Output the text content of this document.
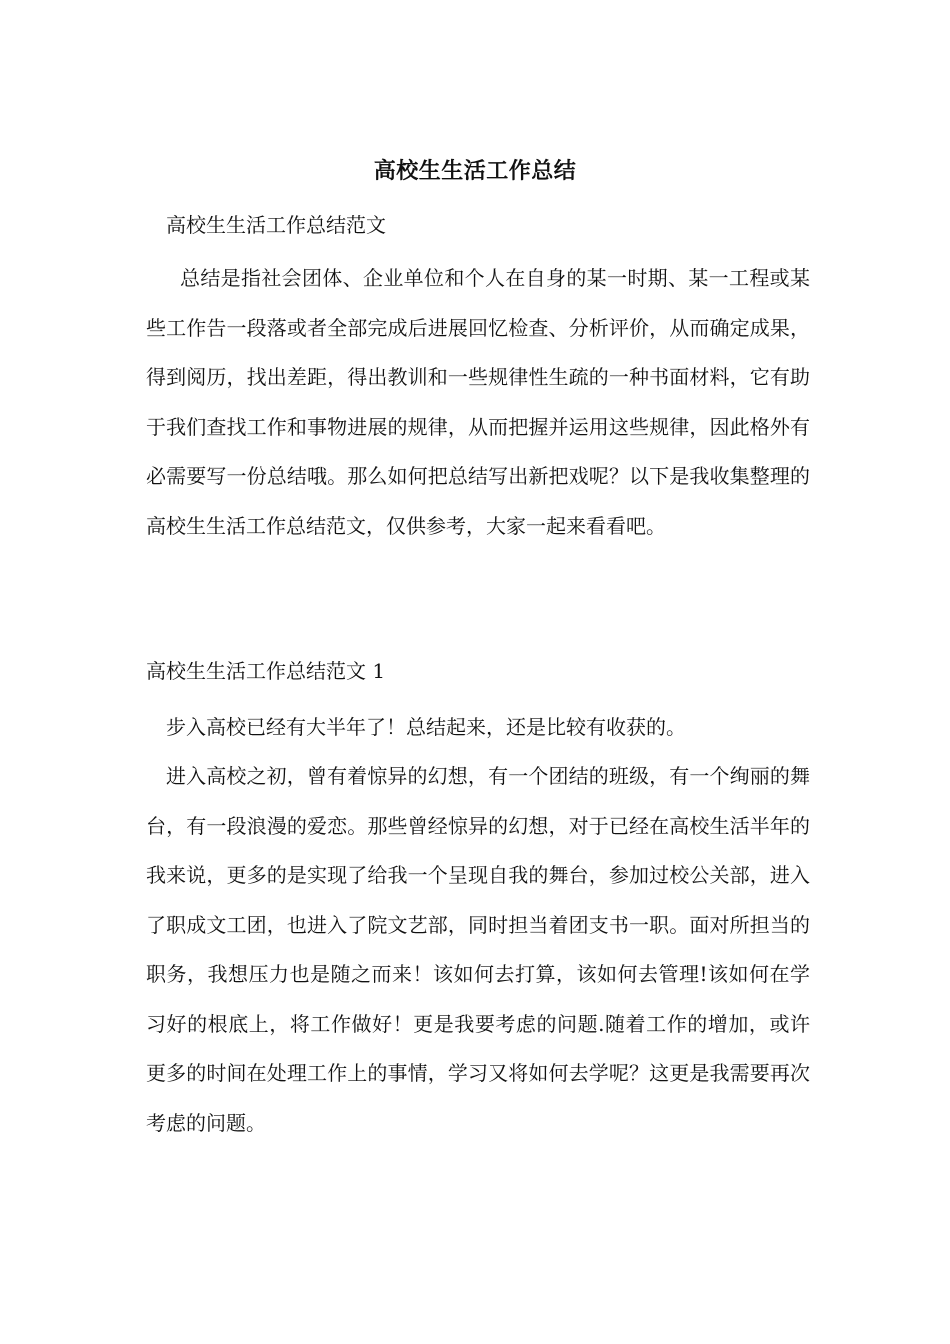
高校生生活工作总结
高校生生活工作总结范文

总结是指社会团体、企业单位和个人在自身的某一时期、某一工程或某些工作告一段落或者全部完成后进展回忆检查、分析评价，从而确定成果，得到阅历，找出差距，得出教训和一些规律性生疏的一种书面材料，它有助于我们查找工作和事物进展的规律，从而把握并运用这些规律，因此格外有必需要写一份总结哦。那么如何把总结写出新把戏呢？以下是我收集整理的高校生生活工作总结范文，仅供参考，大家一起来看看吧。

高校生生活工作总结范文 1

步入高校已经有大半年了！总结起来，还是比较有收获的。

进入高校之初，曾有着惊异的幻想，有一个团结的班级，有一个绚丽的舞台，有一段浪漫的爱恋。那些曾经惊异的幻想，对于已经在高校生活半年的我来说，更多的是实现了给我一个呈现自我的舞台，参加过校公关部，进入了职成文工团，也进入了院文艺部，同时担当着团支书一职。面对所担当的职务，我想压力也是随之而来！该如何去打算，该如何去管理!该如何在学习好的根底上，将工作做好！更是我要考虑的问题.随着工作的增加，或许更多的时间在处理工作上的事情，学习又将如何去学呢？这更是我需要再次考虑的问题。
